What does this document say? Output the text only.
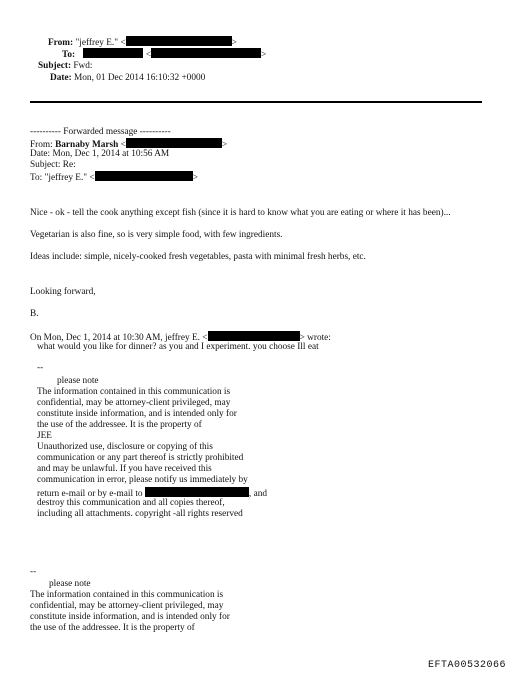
From: "jeffrey E." <	>
To:	<	>
Subject: Fwd:
Date: Mon, 01 Dec 2014 16:10:32 +0000
---------- Forwarded message ----------
From: Barnaby Marsh <	>
Date: Mon, Dec 1, 2014 at 10:56 AM
Subject: Re:
To: "jeffrey E." <	>
Nice - ok - tell the cook anything except fish (since it is hard to know what you are eating or where it has been)...
Vegetarian is also fine, so is very simple food, with few ingredients.
Ideas include: simple, nicely-cooked fresh vegetables, pasta with minimal fresh herbs, etc.
Looking forward,
B.
On Mon, Dec 1, 2014 at 10:30 AM, jeffrey E. <	> wrote:
what would you like for dinner? as you and I experiment. you choose Ill eat
--
please note
The information contained in this communication is
confidential, may be attorney-client privileged, may
constitute inside information, and is intended only for
the use of the addressee. It is the property of
JEE
Unauthorized use, disclosure or copying of this
communication or any part thereof is strictly prohibited
and may be unlawful. If you have received this
communication in error, please notify us immediately by
return e-mail or by e-mail to	, and
destroy this communication and all copies thereof,
including all attachments. copyright -all rights reserved
--
please note
The information contained in this communication is
confidential, may be attorney-client privileged, may
constitute inside information, and is intended only for
the use of the addressee. It is the property of
EFTA00532066
